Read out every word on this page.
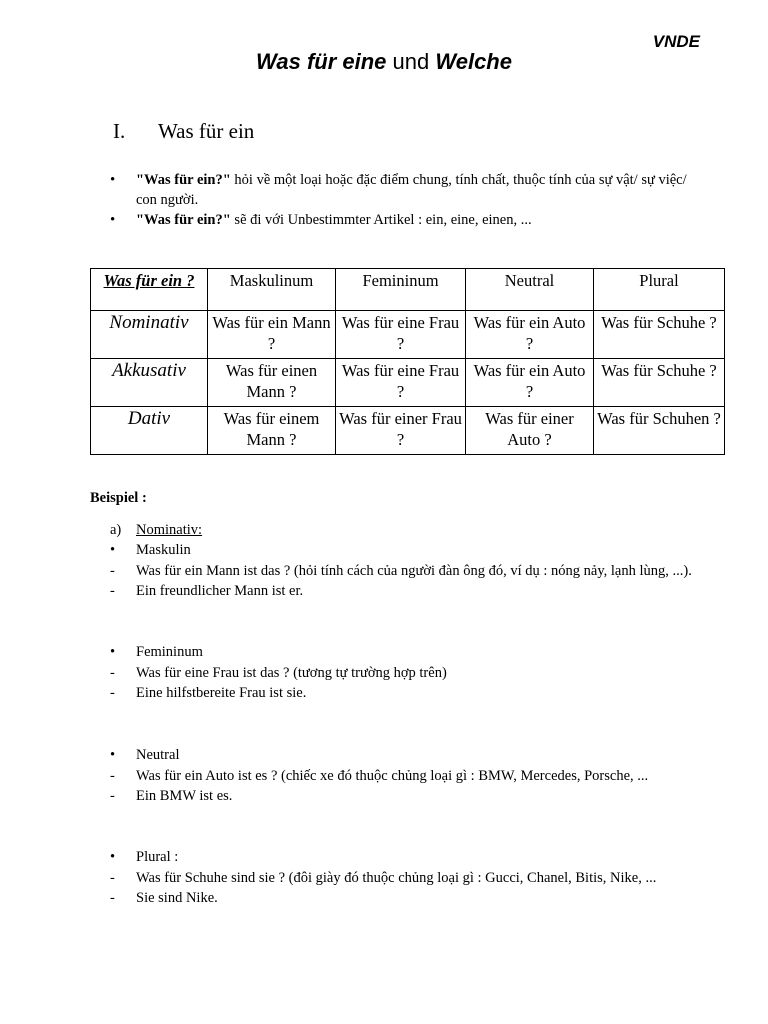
VNDE
Was für eine und Welche
I. Was für ein
•	"Was für ein?" hỏi về một loại hoặc đặc điểm chung, tính chất, thuộc tính của sự vật/ sự việc/ con người.
•	"Was für ein?" sẽ đi với Unbestimmter Artikel : ein, eine, einen, ...
Was für ein ?	Maskulinum	Femininum	Neutral	Plural
Nominativ	Was für ein Mann ?	Was für eine Frau ?	Was für ein Auto ?	Was für Schuhe ?
Akkusativ	Was für einen Mann ?	Was für eine Frau ?	Was für ein Auto ?	Was für Schuhe ?
Dativ	Was für einem Mann ?	Was für einer Frau ?	Was für einer Auto ?	Was für Schuhen ?
Beispiel :
a)	Nominativ:
•	Maskulin
-	Was für ein Mann ist das ? (hỏi tính cách của người đàn ông đó, ví dụ : nóng nảy, lạnh lùng, ...).
-	Ein freundlicher Mann ist er.
•	Femininum
-	Was für eine Frau ist das ? (tương tự trường hợp trên)
-	Eine hilfstbereite Frau ist sie.
•	Neutral
-	Was für ein Auto ist es ? (chiếc xe đó thuộc chủng loại gì : BMW, Mercedes, Porsche, ...
-	Ein BMW ist es.
•	Plural :
-	Was für Schuhe sind sie ? (đôi giày đó thuộc chủng loại gì : Gucci, Chanel, Bitis, Nike, ...
-	Sie sind Nike.
